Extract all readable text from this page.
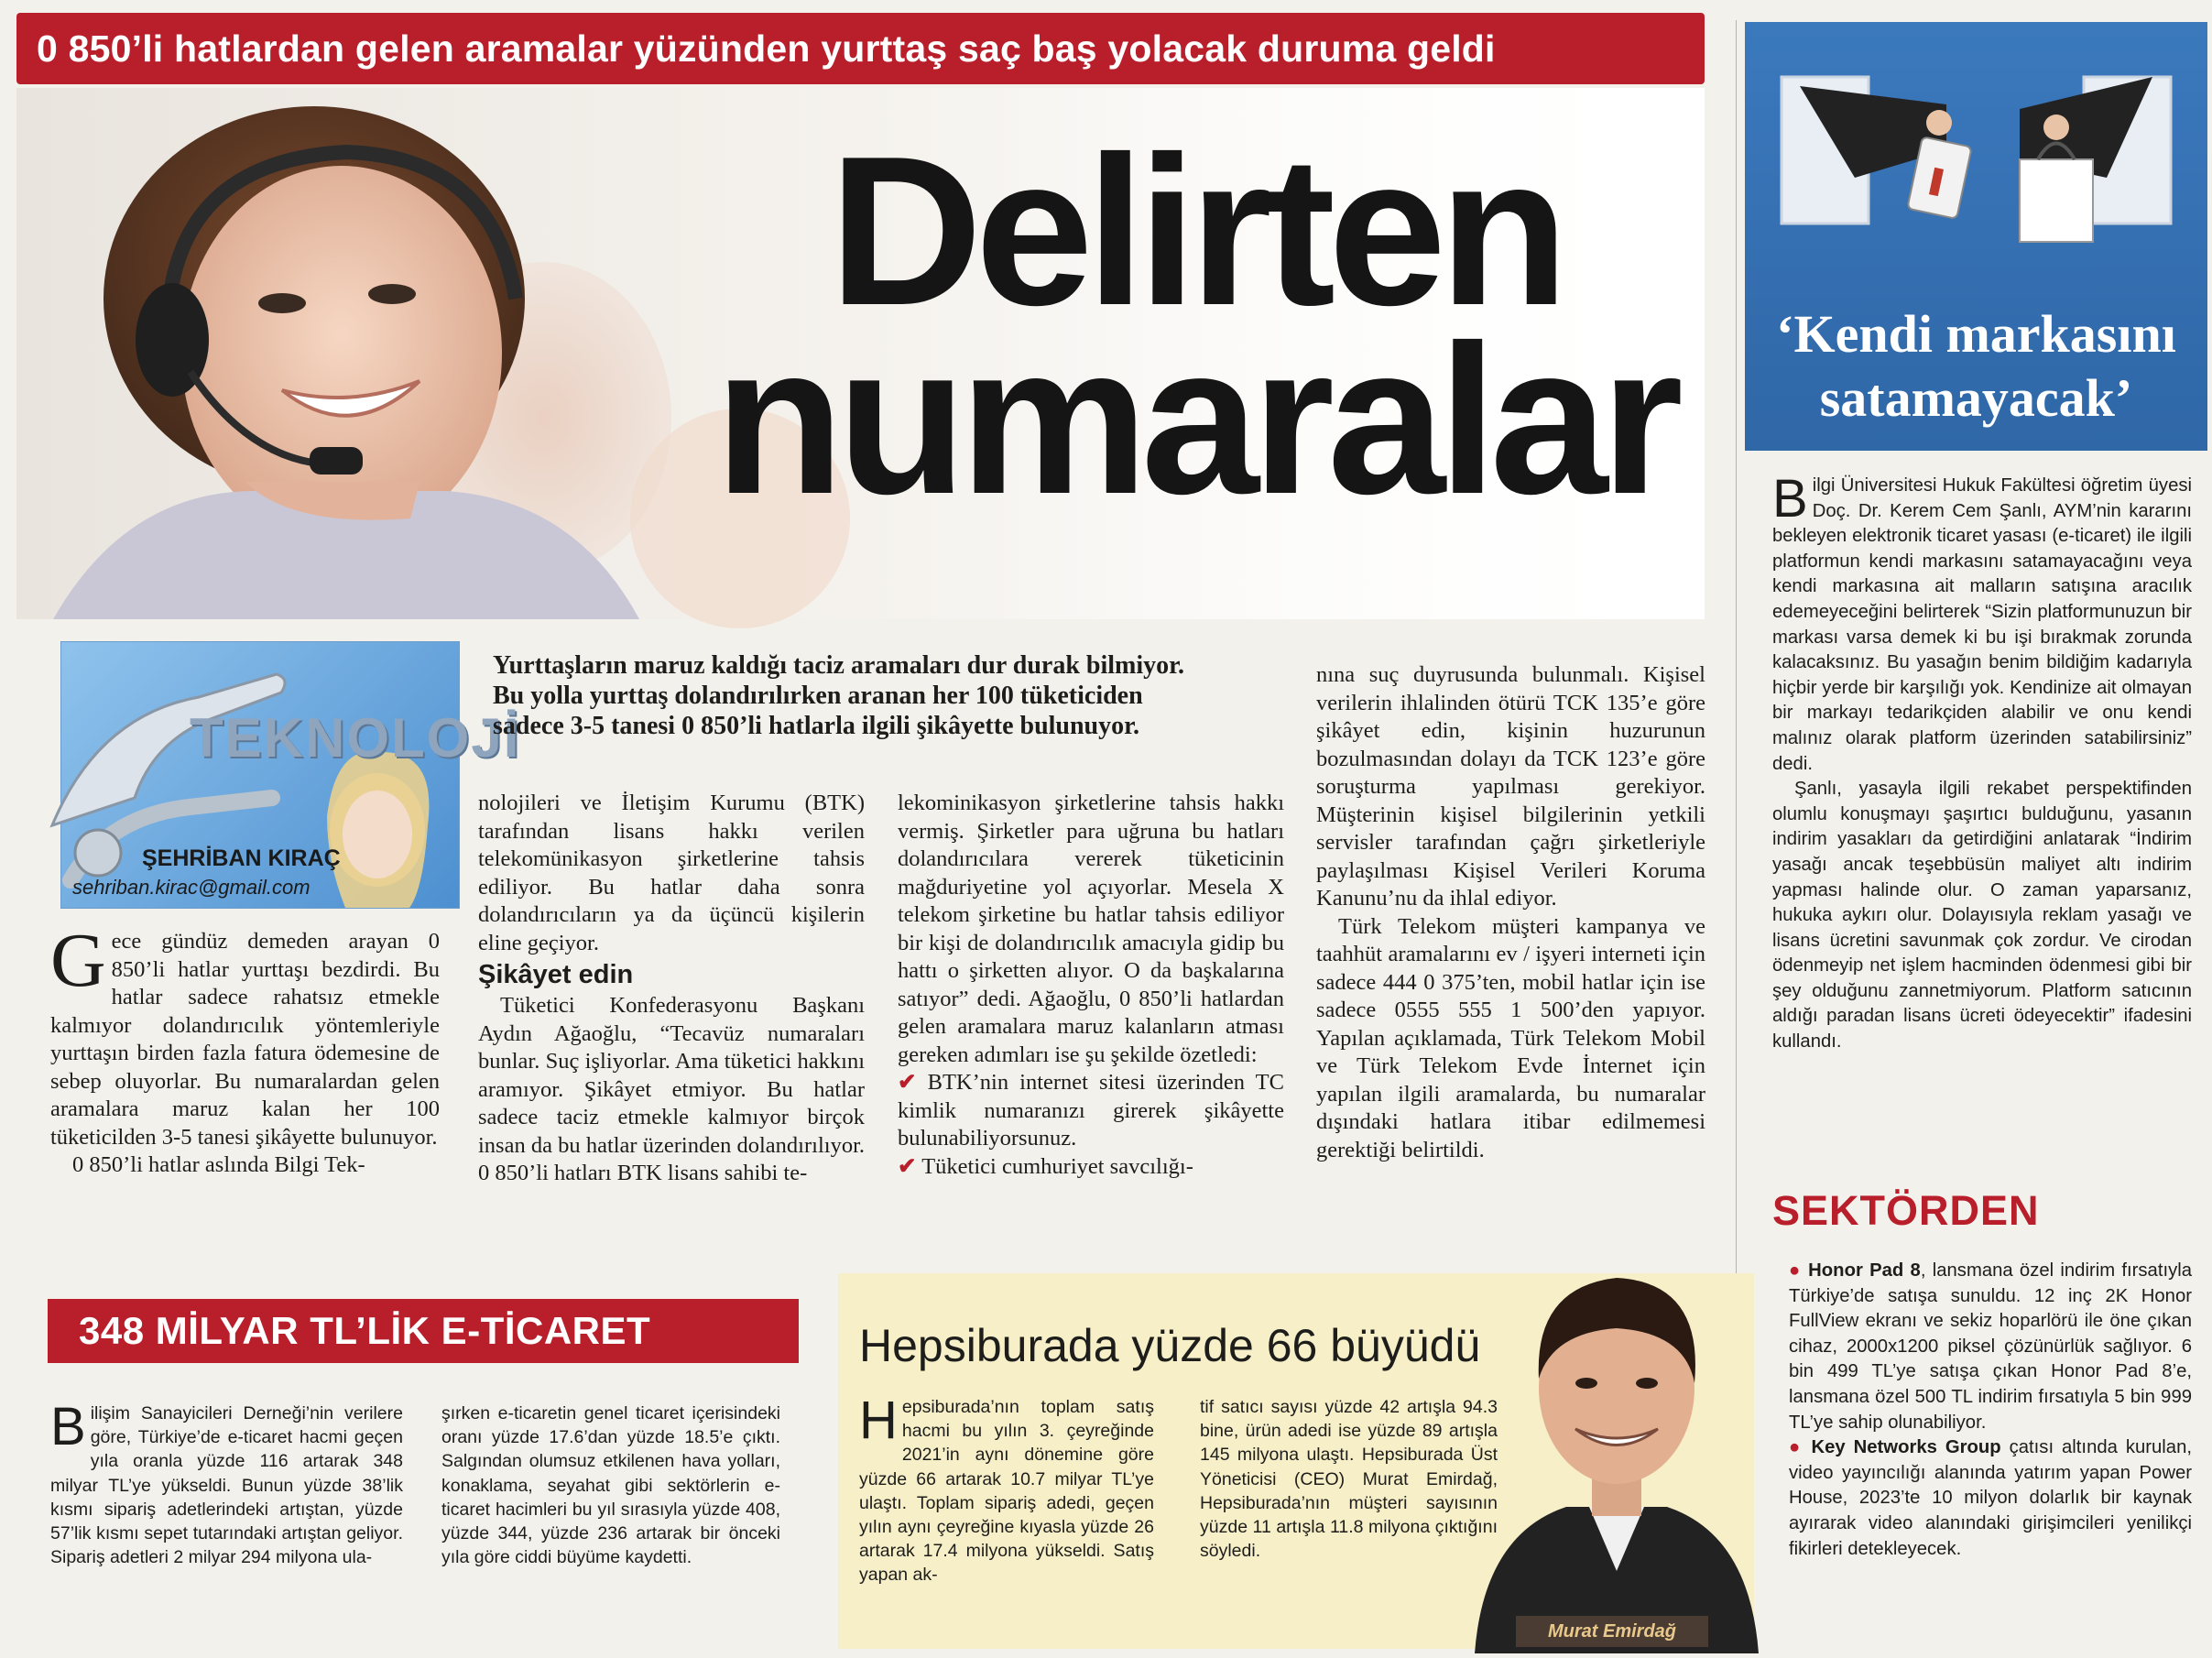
0 850’li hatlardan gelen aramalar yüzünden yurttaş saç baş yolacak duruma geldi
Delirten
numaralar	‘Kendi markasını
satamayacak’
B ilgi Üniversitesi Hukuk Fakültesi öğretim üyesi Doç. Dr. Kerem Cem Şanlı, AYM’nin kararını bekleyen elektronik ticaret yasası (e-ticaret) ile ilgili platformun kendi markasını satamayacağını veya kendi markasına ait malların satışına aracılık edemeyeceğini belirterek “Sizin platformunuzun bir markası varsa demek ki bu işi bırakmak zorunda kalacaksınız. Bu yasağın benim bildiğim kadarıyla hiçbir yerde bir karşılığı yok. Kendinize ait olmayan bir markayı tedarikçiden alabilir ve onu kendi malınız olarak platform üzerinden satabilirsiniz” dedi.
Şanlı, yasayla ilgili rekabet perspektifinden olumlu konuşmayı şaşırtıcı bulduğunu, yasanın indirim yasakları da getirdiğini anlatarak “İndirim yasağı ancak teşebbüsün maliyet altı indirim yapması halinde olur. O zaman yaparsanız, hukuka aykırı olur. Dolayısıyla reklam yasağı ve lisans ücretini savunmak çok zordur. Ve cirodan ödenmeyip net işlem hacminden ödenmesi gibi bir şey olduğunu zannetmiyorum. Platform satıcının aldığı paradan lisans ücreti ödeyecektir” ifadesini kullandı.
SEKTÖRDEN
● Honor Pad 8, lansmana özel indirim fırsatıyla Türkiye’de satışa sunuldu. 12 inç 2K Honor FullView ekranı ve sekiz hoparlörü ile öne çıkan cihaz, 2000x1200 piksel çözünürlük sağlıyor. 6 bin 499 TL’ye satışa çıkan Honor Pad 8’e, lansmana özel 500 TL indirim fırsatıyla 5 bin 999 TL’ye sahip olunabiliyor.
● Key Networks Group çatısı altında kurulan, video yayıncılığı alanında yatırım yapan Power House, 2023’te 10 milyon dolarlık bir kaynak ayırarak video alanındaki girişimcileri yenilikçi fikirleri detekleyecek.
TEKNOLOJİ
ŞEHRİBAN KIRAÇ
sehriban.kirac@gmail.com
Yurttaşların maruz kaldığı taciz aramaları dur durak bilmiyor.
Bu yolla yurttaş dolandırılırken aranan her 100 tüketiciden
sadece 3-5 tanesi 0 850’li hatlarla ilgili şikâyette bulunuyor.
G ece gündüz demeden arayan 0 850’li hatlar yurttaşı bezdirdi. Bu hatlar sadece rahatsız etmekle kalmıyor dolandırıcılık yöntemleriyle yurttaşın birden fazla fatura ödemesine de sebep oluyorlar. Bu numaralardan gelen aramalara maruz kalan her 100 tüketicilden 3-5 tanesi şikâyette bulunuyor.

0 850’li hatlar aslında Bilgi Tek-

nolojileri ve İletişim Kurumu (BTK) tarafından lisans hakkı verilen telekomünikasyon şirketlerine tahsis ediliyor. Bu hatlar daha sonra dolandırıcıların ya da üçüncü kişilerin eline geçiyor.

Şikâyet edin

Tüketici Konfederasyonu Başkanı Aydın Ağaoğlu, “Tecavüz numaraları bunlar. Suç işliyorlar. Ama tüketici hakkını aramıyor. Şikâyet etmiyor. Bu hatlar sadece taciz etmekle kalmıyor birçok insan da bu hatlar üzerinden dolandırılıyor. 0 850’li hatları BTK lisans sahibi te-

lekominikasyon şirketlerine tahsis hakkı vermiş. Şirketler para uğruna bu hatları dolandırıcılara vererek tüketicinin mağduriyetine yol açıyorlar. Mesela X telekom şirketine bu hatlar tahsis ediliyor bir kişi de dolandırıcılık amacıyla gidip bu hattı o şirketten alıyor. O da başkalarına satıyor” dedi. Ağaoğlu, 0 850’li hatlardan gelen aramalara maruz kalanların atması gereken adımları ise şu şekilde özetledi:

✔ BTK’nin internet sitesi üzerinden TC kimlik numaranızı girerek şikâyette bulunabiliyorsunuz.

✔ Tüketici cumhuriyet savcılığı-

nına suç duyrusunda bulunmalı. Kişisel verilerin ihlalinden ötürü TCK 135’e göre şikâyet edin, kişinin huzurunun bozulmasından dolayı da TCK 123’e göre soruşturma yapılması gerekiyor. Müşterinin kişisel bilgilerinin yetkili servisler tarafından çağrı şirketleriyle paylaşılması Kişisel Verileri Koruma Kanunu’nu da ihlal ediyor.

Türk Telekom müşteri kampanya ve taahhüt aramalarını ev / işyeri interneti için sadece 444 0 375’ten, mobil hatlar için ise sadece 0555 555 1 500’den yapıyor. Yapılan açıklamada, Türk Telekom Mobil ve Türk Telekom Evde İnternet için yapılan ilgili aramalarda, bu numaralar dışındaki hatlara itibar edilmemesi gerektiği belirtildi.

348 MİLYAR TL’LİK E-TİCARET
B ilişim Sanayicileri Derneği’nin verilere göre, Türkiye’de e-ticaret hacmi geçen yıla oranla yüzde 116 artarak 348 milyar TL’ye yükseldi. Bunun yüzde 38’lik kısmı sipariş adetlerindeki artıştan, yüzde 57’lik kısmı sepet tutarındaki artıştan geliyor. Sipariş adetleri 2 milyar 294 milyona ula-
şırken e-ticaretin genel ticaret içerisindeki oranı yüzde 17.6’dan yüzde 18.5’e çıktı. Salgından olumsuz etkilenen hava yolları, konaklama, seyahat gibi sektörlerin e-ticaret hacimleri bu yıl sırasıyla yüzde 408, yüzde 344, yüzde 236 artarak bir önceki yıla göre ciddi büyüme kaydetti.
Hepsiburada yüzde 66 büyüdü
H epsiburada’nın toplam satış hacmi bu yılın 3. çeyreğinde 2021’in aynı dönemine göre yüzde 66 artarak 10.7 milyar TL’ye ulaştı. Toplam sipariş adedi, geçen yılın aynı çeyreğine kıyasla yüzde 26 artarak 17.4 milyona yükseldi. Satış yapan ak-
tif satıcı sayısı yüzde 42 artışla 94.3 bine, ürün adedi ise yüzde 89 artışla 145 milyona ulaştı. Hepsiburada Üst Yöneticisi (CEO) Murat Emirdağ, Hepsiburada’nın müşteri sayısının yüzde 11 artışla 11.8 milyona çıktığını söyledi.
Murat Emirdağ
